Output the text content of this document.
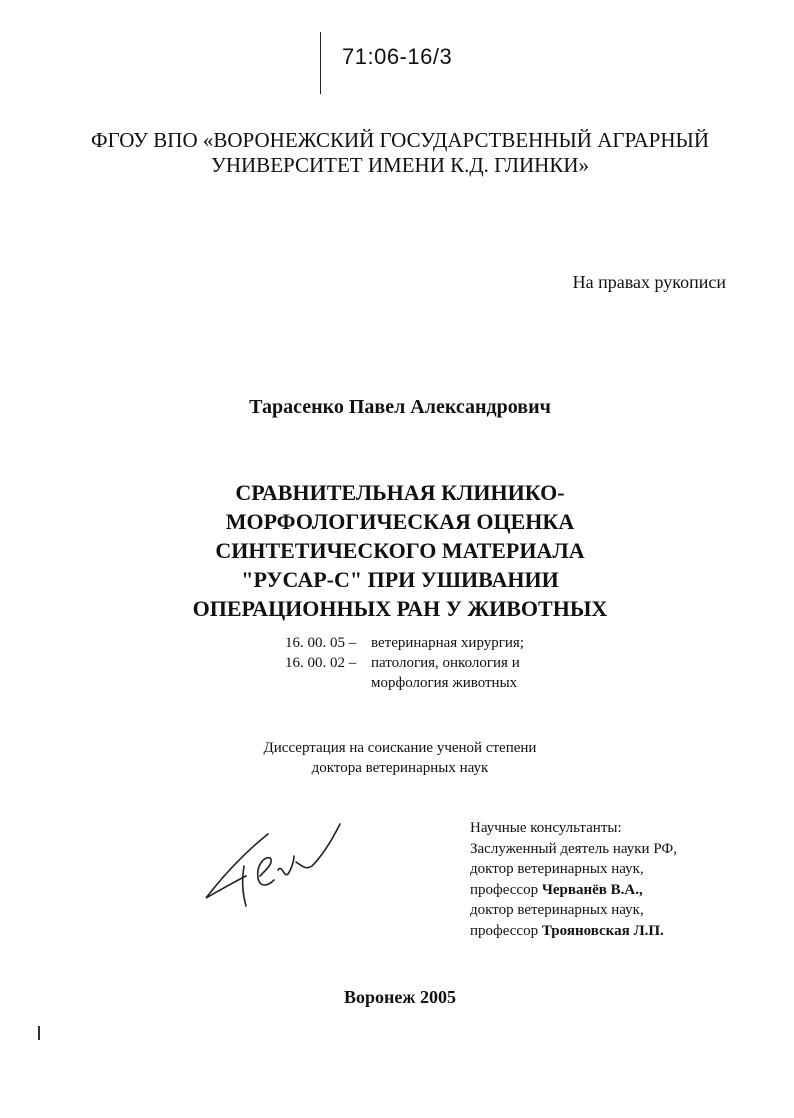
71:06-16/3
ФГОУ ВПО «ВОРОНЕЖСКИЙ ГОСУДАРСТВЕННЫЙ АГРАРНЫЙ
УНИВЕРСИТЕТ ИМЕНИ К.Д. ГЛИНКИ»
На правах рукописи
Тарасенко Павел Александрович
СРАВНИТЕЛЬНАЯ КЛИНИКО-
МОРФОЛОГИЧЕСКАЯ ОЦЕНКА
СИНТЕТИЧЕСКОГО МАТЕРИАЛА
"РУСАР-С" ПРИ УШИВАНИИ
ОПЕРАЦИОННЫХ РАН У ЖИВОТНЫХ
16. 00. 05 – ветеринарная хирургия;
16. 00. 02 – патология, онкология и
морфология животных
Диссертация на соискание ученой степени
доктора ветеринарных наук
Научные консультанты:
Заслуженный деятель науки РФ,
доктор ветеринарных наук,
профессор Черванёв В.А.,
доктор ветеринарных наук,
профессор Трояновская Л.П.
Воронеж 2005
